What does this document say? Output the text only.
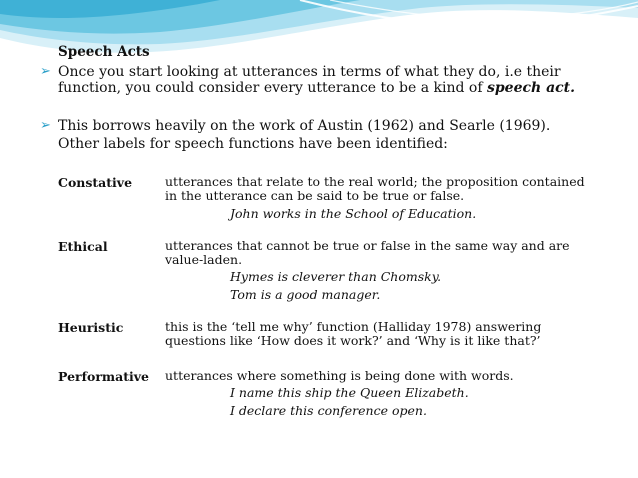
Speech Acts
➢ Once you start looking at utterances in terms of what they do, i.e their function, you could consider every utterance to be a kind of speech act.
➢ This borrows heavily on the work of Austin (1962) and Searle (1969).
Other labels for speech functions have been identified:
Constative	utterances that relate to the real world; the proposition contained in the utterance can be said to be true or false.
John works in the School of Education.
Ethical	utterances that cannot be true or false in the same way and are value-laden.
Hymes is cleverer than Chomsky.
Tom is a good manager.
Heuristic	this is the ‘tell me why’ function (Halliday 1978) answering questions like ‘How does it work?’ and ‘Why is it like that?’
Performative utterances where something is being done with words.
I name this ship the Queen Elizabeth.
I declare this conference open.
